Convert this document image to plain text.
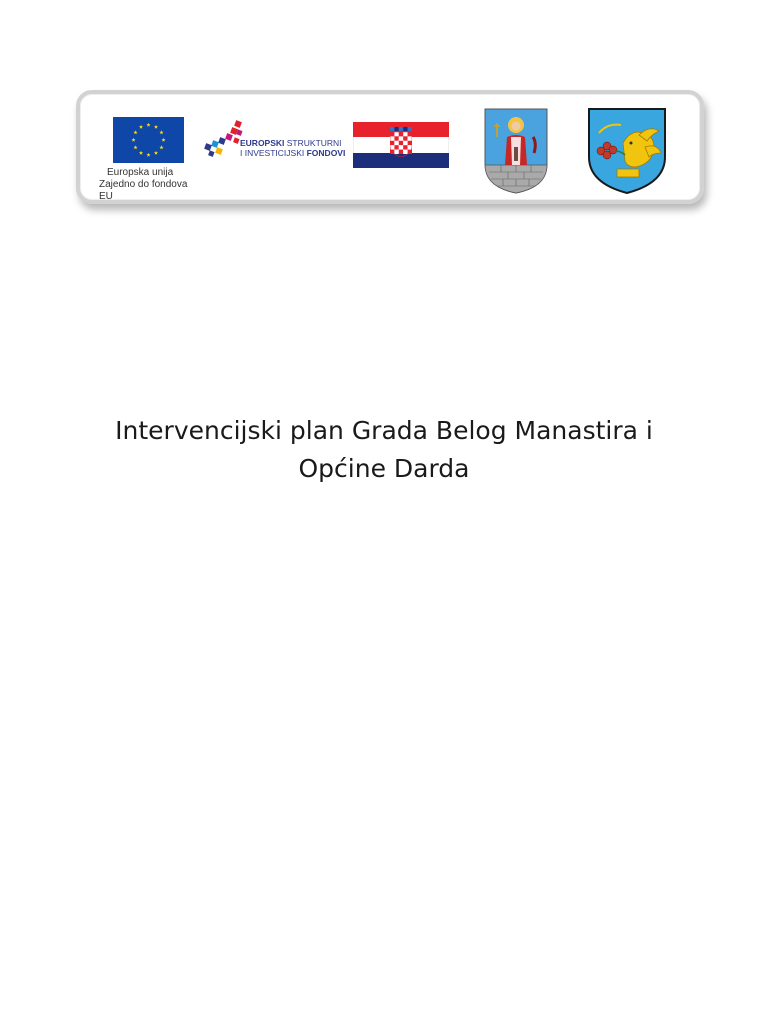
Europska unija
Zajedno do fondova EU
EUROPSKI STRUKTURNI
I INVESTICIJSKI FONDOVI
Intervencijski plan Grada Belog Manastira i
Općine Darda
